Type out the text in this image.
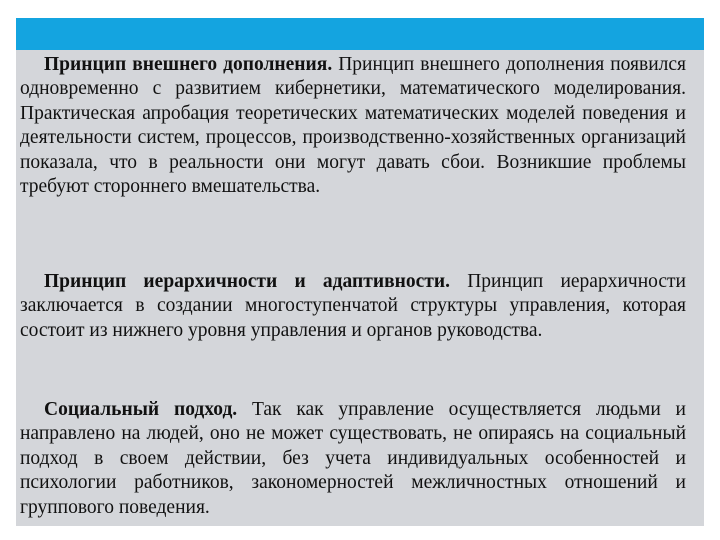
Принцип внешнего дополнения. Принцип внешнего дополнения появился одновременно с развитием кибернетики, математического моделирования. Практическая апробация теоретических математических моделей поведения и деятельности систем, процессов, производственно-хозяйственных организаций показала, что в реальности они могут давать сбои. Возникшие проблемы требуют стороннего вмешательства.

Принцип иерархичности и адаптивности. Принцип иерархичности заключается в создании многоступенчатой структуры управления, которая состоит из нижнего уровня управления и органов руководства.

Социальный подход. Так как управление осуществляется людьми и направлено на людей, оно не может существовать, не опираясь на социальный подход в своем действии, без учета индивидуальных особенностей и психологии работников, закономерностей межличностных отношений и группового поведения.
